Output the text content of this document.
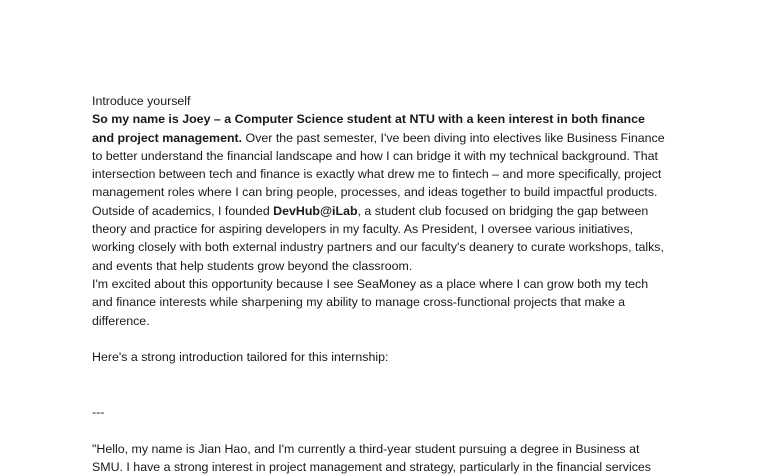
Introduce yourself
So my name is Joey – a Computer Science student at NTU with a keen interest in both finance
and project management. Over the past semester, I've been diving into electives like Business Finance
to better understand the financial landscape and how I can bridge it with my technical background. That
intersection between tech and finance is exactly what drew me to fintech – and more specifically, project
management roles where I can bring people, processes, and ideas together to build impactful products.
Outside of academics, I founded DevHub@iLab, a student club focused on bridging the gap between
theory and practice for aspiring developers in my faculty. As President, I oversee various initiatives,
working closely with both external industry partners and our faculty's deanery to curate workshops, talks,
and events that help students grow beyond the classroom.
I'm excited about this opportunity because I see SeaMoney as a place where I can grow both my tech
and finance interests while sharpening my ability to manage cross-functional projects that make a
difference.
Here's a strong introduction tailored for this internship:
---
"Hello, my name is Jian Hao, and I'm currently a third-year student pursuing a degree in Business at
SMU. I have a strong interest in project management and strategy, particularly in the financial services
